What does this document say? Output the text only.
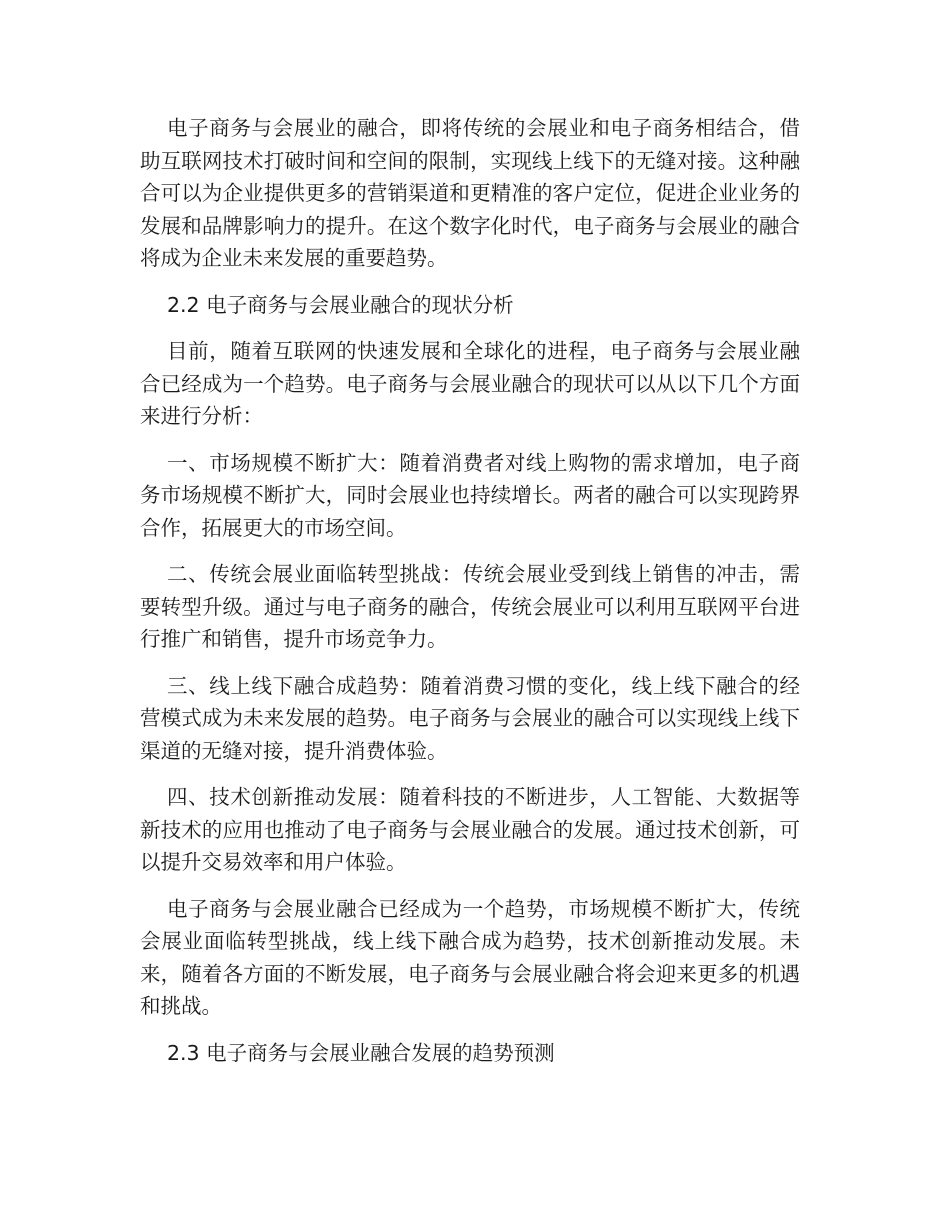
电子商务与会展业的融合，即将传统的会展业和电子商务相结合，借助互联网技术打破时间和空间的限制，实现线上线下的无缝对接。这种融合可以为企业提供更多的营销渠道和更精准的客户定位，促进企业业务的发展和品牌影响力的提升。在这个数字化时代，电子商务与会展业的融合将成为企业未来发展的重要趋势。

2.2 电子商务与会展业融合的现状分析

目前，随着互联网的快速发展和全球化的进程，电子商务与会展业融合已经成为一个趋势。电子商务与会展业融合的现状可以从以下几个方面来进行分析：

一、市场规模不断扩大：随着消费者对线上购物的需求增加，电子商务市场规模不断扩大，同时会展业也持续增长。两者的融合可以实现跨界合作，拓展更大的市场空间。

二、传统会展业面临转型挑战：传统会展业受到线上销售的冲击，需要转型升级。通过与电子商务的融合，传统会展业可以利用互联网平台进行推广和销售，提升市场竞争力。

三、线上线下融合成趋势：随着消费习惯的变化，线上线下融合的经营模式成为未来发展的趋势。电子商务与会展业的融合可以实现线上线下渠道的无缝对接，提升消费体验。

四、技术创新推动发展：随着科技的不断进步，人工智能、大数据等新技术的应用也推动了电子商务与会展业融合的发展。通过技术创新，可以提升交易效率和用户体验。

电子商务与会展业融合已经成为一个趋势，市场规模不断扩大，传统会展业面临转型挑战，线上线下融合成为趋势，技术创新推动发展。未来，随着各方面的不断发展，电子商务与会展业融合将会迎来更多的机遇和挑战。

2.3 电子商务与会展业融合发展的趋势预测
